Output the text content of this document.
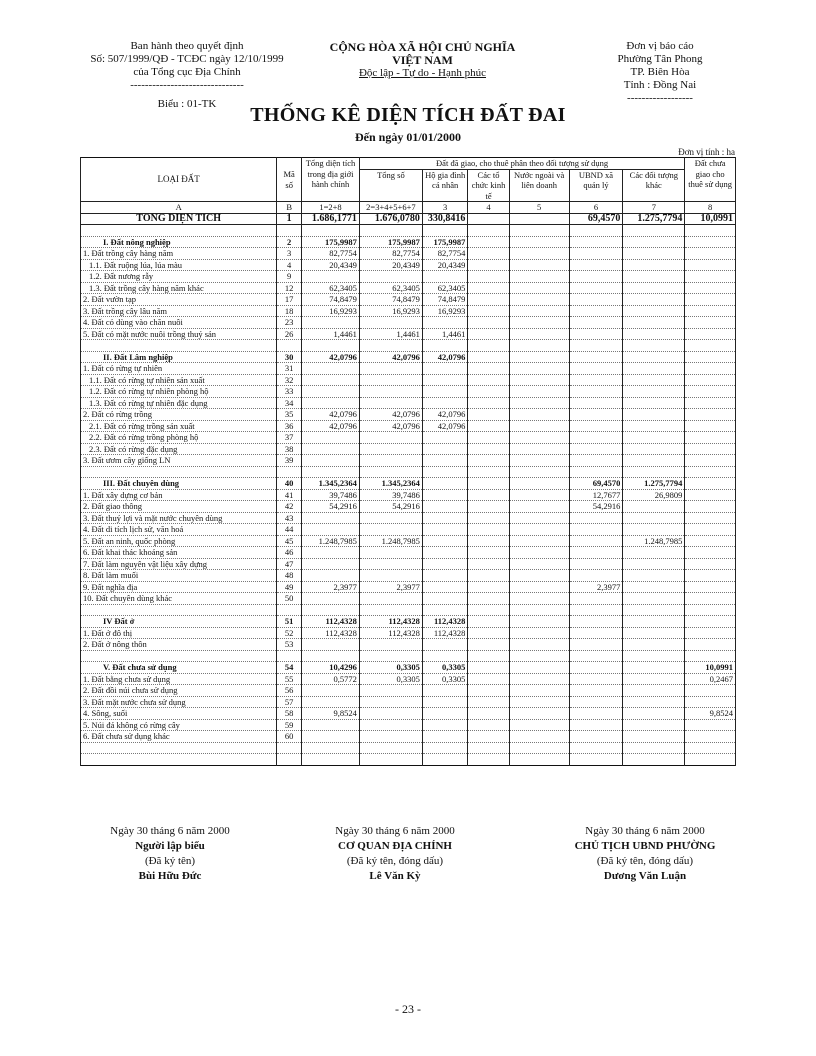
Ban hành theo quyết định
Số: 507/1999/QĐ - TCĐC ngày 12/10/1999
của Tổng cục Địa Chính
-------------------------------
Biểu : 01-TK
CỘNG HÒA XÃ HỘI CHỦ NGHĨA VIỆT NAM
Độc lập - Tự do - Hạnh phúc
Đơn vị báo cáo
Phường Tân Phong
TP. Biên Hòa
Tỉnh : Đồng Nai
------------------
THỐNG KÊ DIỆN TÍCH ĐẤT ĐAI
Đến ngày 01/01/2000
Đơn vị tính : ha
LOẠI ĐẤT	Mã số	Tổng diện tích trong địa giới hành chính	Đất đã giao, cho thuê phân theo đối tượng sử dụng						Đất chưa giao cho thuê sử dụng
			Tổng số	Hộ gia đình cá nhân	Các tổ chức kinh tế	Nước ngoài và liên doanh	UBND xã quản lý	Các đối tượng khác	
A	B	1=2+8	2=3+4+5+6+7	3	4	5	6	7	8
TỔNG DIỆN TÍCH	1	1.686,1771	1.676,0780	330,8416			69,4570	1.275,7794	10,0991

I. Đất nông nghiệp	2	175,9987	175,9987	175,9987					
1. Đất trồng cây hàng năm	3	82,7754	82,7754	82,7754					
1.1. Đất ruộng lúa, lúa màu	4	20,4349	20,4349	20,4349					
1.2. Đất nương rẫy	9								
1.3. Đất trồng cây hàng năm khác	12	62,3405	62,3405	62,3405					
2. Đất vườn tạp	17	74,8479	74,8479	74,8479					
3. Đất trồng cây lâu năm	18	16,9293	16,9293	16,9293					
4. Đất cỏ dùng vào chăn nuôi	23								
5. Đất có mặt nước nuôi trồng thuỷ sản	26	1,4461	1,4461	1,4461					

II. Đất Lâm nghiệp	30	42,0796	42,0796	42,0796					
1. Đất có rừng tự nhiên	31								
1.1. Đất có rừng tự nhiên sản xuất	32								
1.2. Đất có rừng tự nhiên phòng hộ	33								
1.3. Đất có rừng tự nhiên đặc dụng	34								
2. Đất có rừng trồng	35	42,0796	42,0796	42,0796					
2.1. Đất có rừng trồng sản xuất	36	42,0796	42,0796	42,0796					
2.2. Đất có rừng trồng phòng hộ	37								
2.3. Đất có rừng đặc dụng	38								
3. Đất ươm cây giống LN	39								

III. Đất chuyên dùng	40	1.345,2364	1.345,2364				69,4570	1.275,7794	
1. Đất xây dựng cơ bản	41	39,7486	39,7486				12,7677	26,9809	
2. Đất giao thông	42	54,2916	54,2916				54,2916		
3. Đất thuỷ lợi và mặt nước chuyên dùng	43								
4. Đất di tích lịch sử, văn hoá	44								
5. Đất an ninh, quốc phòng	45	1.248,7985	1.248,7985					1.248,7985	
6. Đất khai thác khoáng sản	46								
7. Đất làm nguyên vật liệu xây dựng	47								
8. Đất làm muối	48								
9. Đất nghĩa địa	49	2,3977	2,3977				2,3977		
10. Đất chuyên dùng khác	50								

IV Đất ở	51	112,4328	112,4328	112,4328					
1. Đất ở đô thị	52	112,4328	112,4328	112,4328					
2. Đất ở nông thôn	53								

V. Đất chưa sử dụng	54	10,4296	0,3305	0,3305					10,0991
1. Đất bằng chưa sử dụng	55	0,5772	0,3305	0,3305					0,2467
2. Đất đồi núi chưa sử dụng	56								
3. Đất mặt nước chưa sử dụng	57								
4. Sông, suối	58	9,8524							9,8524
5. Núi đá không có rừng cây	59								
6. Đất chưa sử dụng khác	60								

Ngày 30 tháng 6 năm 2000
Người lập biểu
(Đã ký tên)
Bùi Hữu Đức
Ngày 30 tháng 6 năm 2000
CƠ QUAN ĐỊA CHÍNH
(Đã ký tên, đóng dấu)
Lê Văn Kỳ
Ngày 30 tháng 6 năm 2000
CHỦ TỊCH UBND PHƯỜNG
(Đã ký tên, đóng dấu)
Dương Văn Luận
- 23 -
